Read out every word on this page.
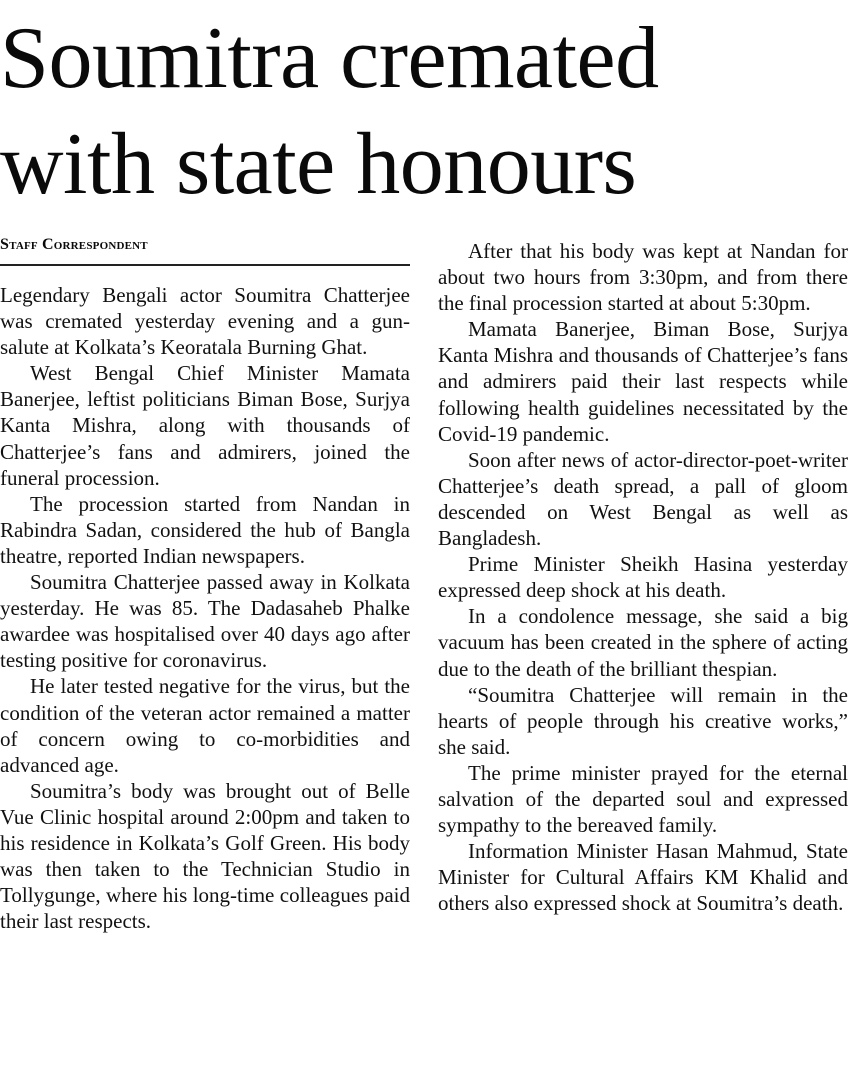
Soumitra cremated
with state honours
Staff Correspondent

Legendary Bengali actor Soumitra Chatterjee was cremated yesterday evening and a gun-salute at Kolkata’s Keoratala Burning Ghat.

West Bengal Chief Minister Mamata Banerjee, leftist politicians Biman Bose, Surjya Kanta Mishra, along with thousands of Chatterjee’s fans and admirers, joined the funeral procession.

The procession started from Nandan in Rabindra Sadan, considered the hub of Bangla theatre, reported Indian newspapers.

Soumitra Chatterjee passed away in Kolkata yesterday. He was 85. The Dadasaheb Phalke awardee was hospitalised over 40 days ago after testing positive for coronavirus.

He later tested negative for the virus, but the condition of the veteran actor remained a matter of concern owing to co-morbidities and advanced age.

Soumitra’s body was brought out of Belle Vue Clinic hospital around 2:00pm and taken to his residence in Kolkata’s Golf Green. His body was then taken to the Technician Studio in Tollygunge, where his long-time colleagues paid their last respects.

After that his body was kept at Nandan for about two hours from 3:30pm, and from there the final procession started at about 5:30pm.

Mamata Banerjee, Biman Bose, Surjya Kanta Mishra and thousands of Chatterjee’s fans and admirers paid their last respects while following health guidelines necessitated by the Covid-19 pandemic.

Soon after news of actor-director-poet-writer Chatterjee’s death spread, a pall of gloom descended on West Bengal as well as Bangladesh.

Prime Minister Sheikh Hasina yesterday expressed deep shock at his death.

In a condolence message, she said a big vacuum has been created in the sphere of acting due to the death of the brilliant thespian.

“Soumitra Chatterjee will remain in the hearts of people through his creative works,” she said.

The prime minister prayed for the eternal salvation of the departed soul and expressed sympathy to the bereaved family.

Information Minister Hasan Mahmud, State Minister for Cultural Affairs KM Khalid and others also expressed shock at Soumitra’s death.
